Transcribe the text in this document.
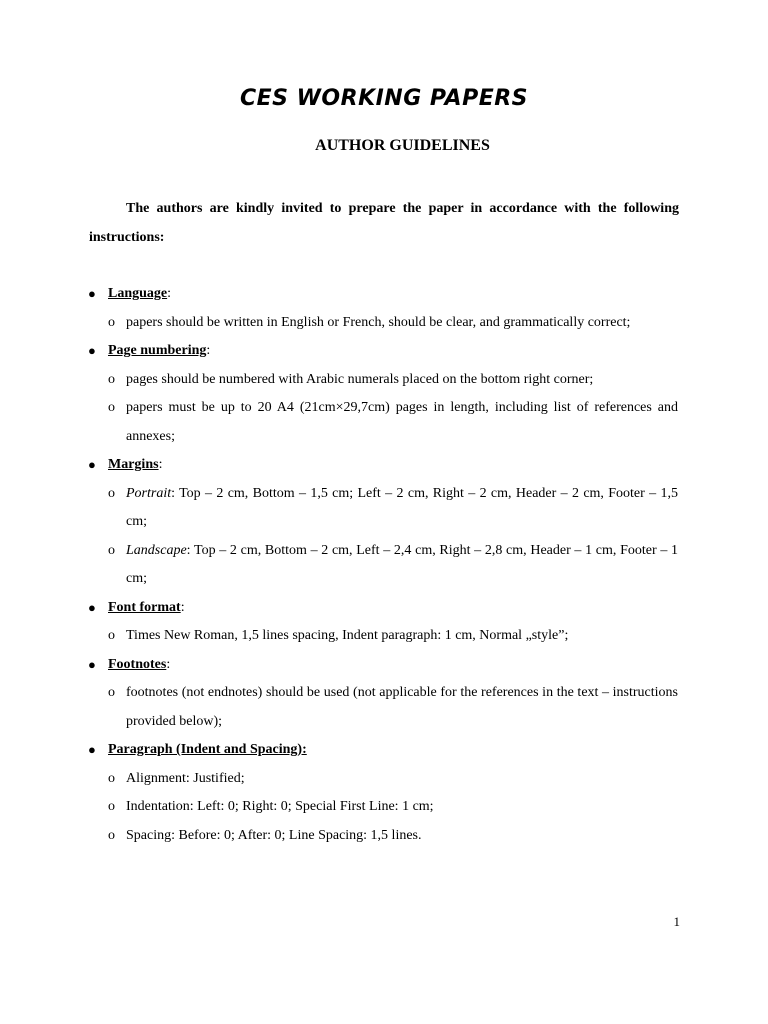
CES WORKING PAPERS
AUTHOR GUIDELINES
The authors are kindly invited to prepare the paper in accordance with the following instructions:
● Language:
o papers should be written in English or French, should be clear, and grammatically correct;
● Page numbering:
o pages should be numbered with Arabic numerals placed on the bottom right corner;
o papers must be up to 20 A4 (21cm×29,7cm) pages in length, including list of references and annexes;
● Margins:
o Portrait: Top – 2 cm, Bottom – 1,5 cm; Left – 2 cm, Right – 2 cm, Header – 2 cm, Footer – 1,5 cm;
o Landscape: Top – 2 cm, Bottom – 2 cm, Left – 2,4 cm, Right – 2,8 cm, Header – 1 cm, Footer – 1 cm;
● Font format:
o Times New Roman, 1,5 lines spacing, Indent paragraph: 1 cm, Normal „style”;
● Footnotes:
o footnotes (not endnotes) should be used (not applicable for the references in the text – instructions provided below);
● Paragraph (Indent and Spacing):
o Alignment: Justified;
o Indentation: Left: 0; Right: 0; Special First Line: 1 cm;
o Spacing: Before: 0; After: 0; Line Spacing: 1,5 lines.
1
